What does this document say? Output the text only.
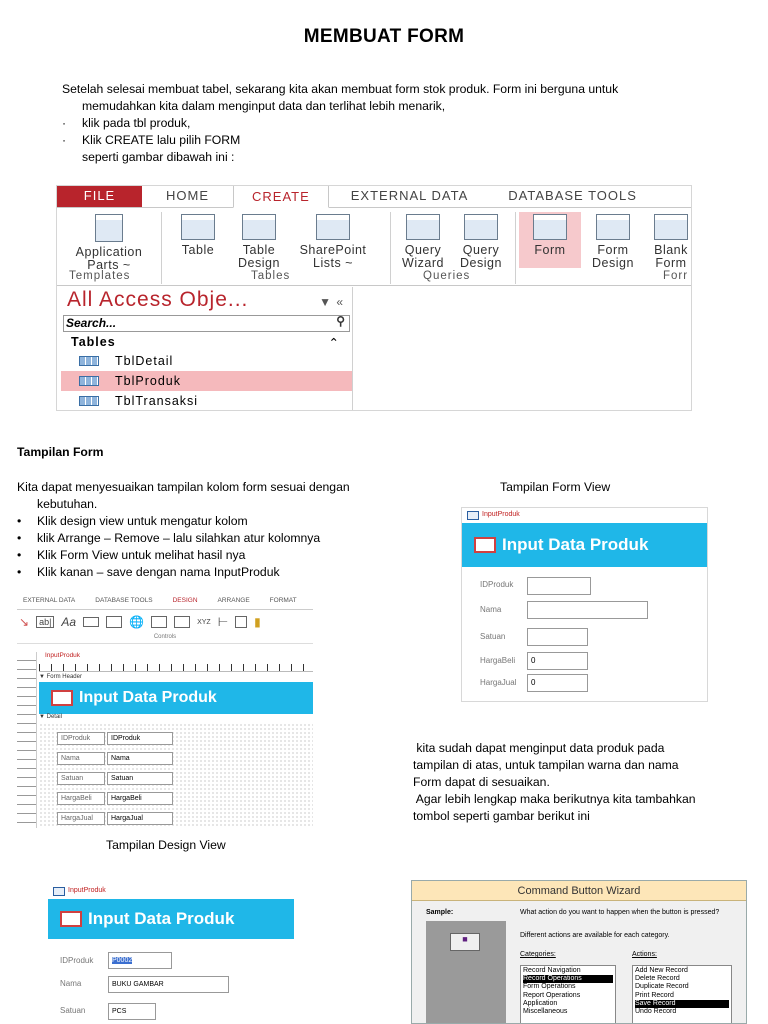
MEMBUAT FORM
Setelah selesai membuat tabel, sekarang kita akan membuat form stok produk. Form ini berguna untuk
memudahkan kita dalam menginput data dan terlihat lebih menarik,
·	klik pada tbl produk,
·	Klik CREATE lalu pilih FORM
seperti gambar dibawah ini :
FILE	HOME	CREATE	EXTERNAL DATA	DATABASE TOOLS
Application
Parts ~
Table	Table
Design
SharePoint
Lists ~
Query
Wizard
Query
Design
Form	Form
Design
Blank
Form
Templates	Tables	Queries	Forr
All Access Obje...	▼ «
Search...	⚲
Tables	⌃
TblDetail
TblProduk
TblTransaksi
Tampilan Form
Kita dapat menyesuaikan tampilan kolom form sesuai dengan
kebutuhan.
•	Klik design view untuk mengatur kolom
•	klik Arrange – Remove – lalu silahkan atur kolomnya
•	Klik Form View untuk melihat hasil nya
•	Klik kanan – save dengan nama InputProduk
Tampilan Form View
InputProduk
Input Data Produk
IDProduk
Nama
Satuan
HargaBeli	0
HargaJual	0
EXTERNAL DATA	DATABASE TOOLS	DESIGN	ARRANGE	FORMAT
↘	ab| Aa	🌐	XYZ ⊢ ▮
Controls
InputProduk
▼ Form Header
Input Data Produk
▼ Detail
IDProduk	IDProduk
Nama	Nama
Satuan	Satuan
HargaBeli	HargaBeli
HargaJual	HargaJual
kita sudah dapat menginput data produk pada
tampilan di atas, untuk tampilan warna dan nama
Form dapat di sesuaikan.
Agar lebih lengkap maka berikutnya kita tambahkan
tombol seperti gambar berikut ini
Tampilan Design View
InputProduk
Input Data Produk
IDProduk	P0002
Nama	BUKU GAMBAR
Satuan	PCS
Command Button Wizard
Sample:
■
What action do you want to happen when the button is pressed?
Different actions are available for each category.
Categories:	Actions:
Record Navigation
Record Operations
Form Operations
Report Operations
Application
Miscellaneous
Add New Record
Delete Record
Duplicate Record
Print Record
Save Record
Undo Record
